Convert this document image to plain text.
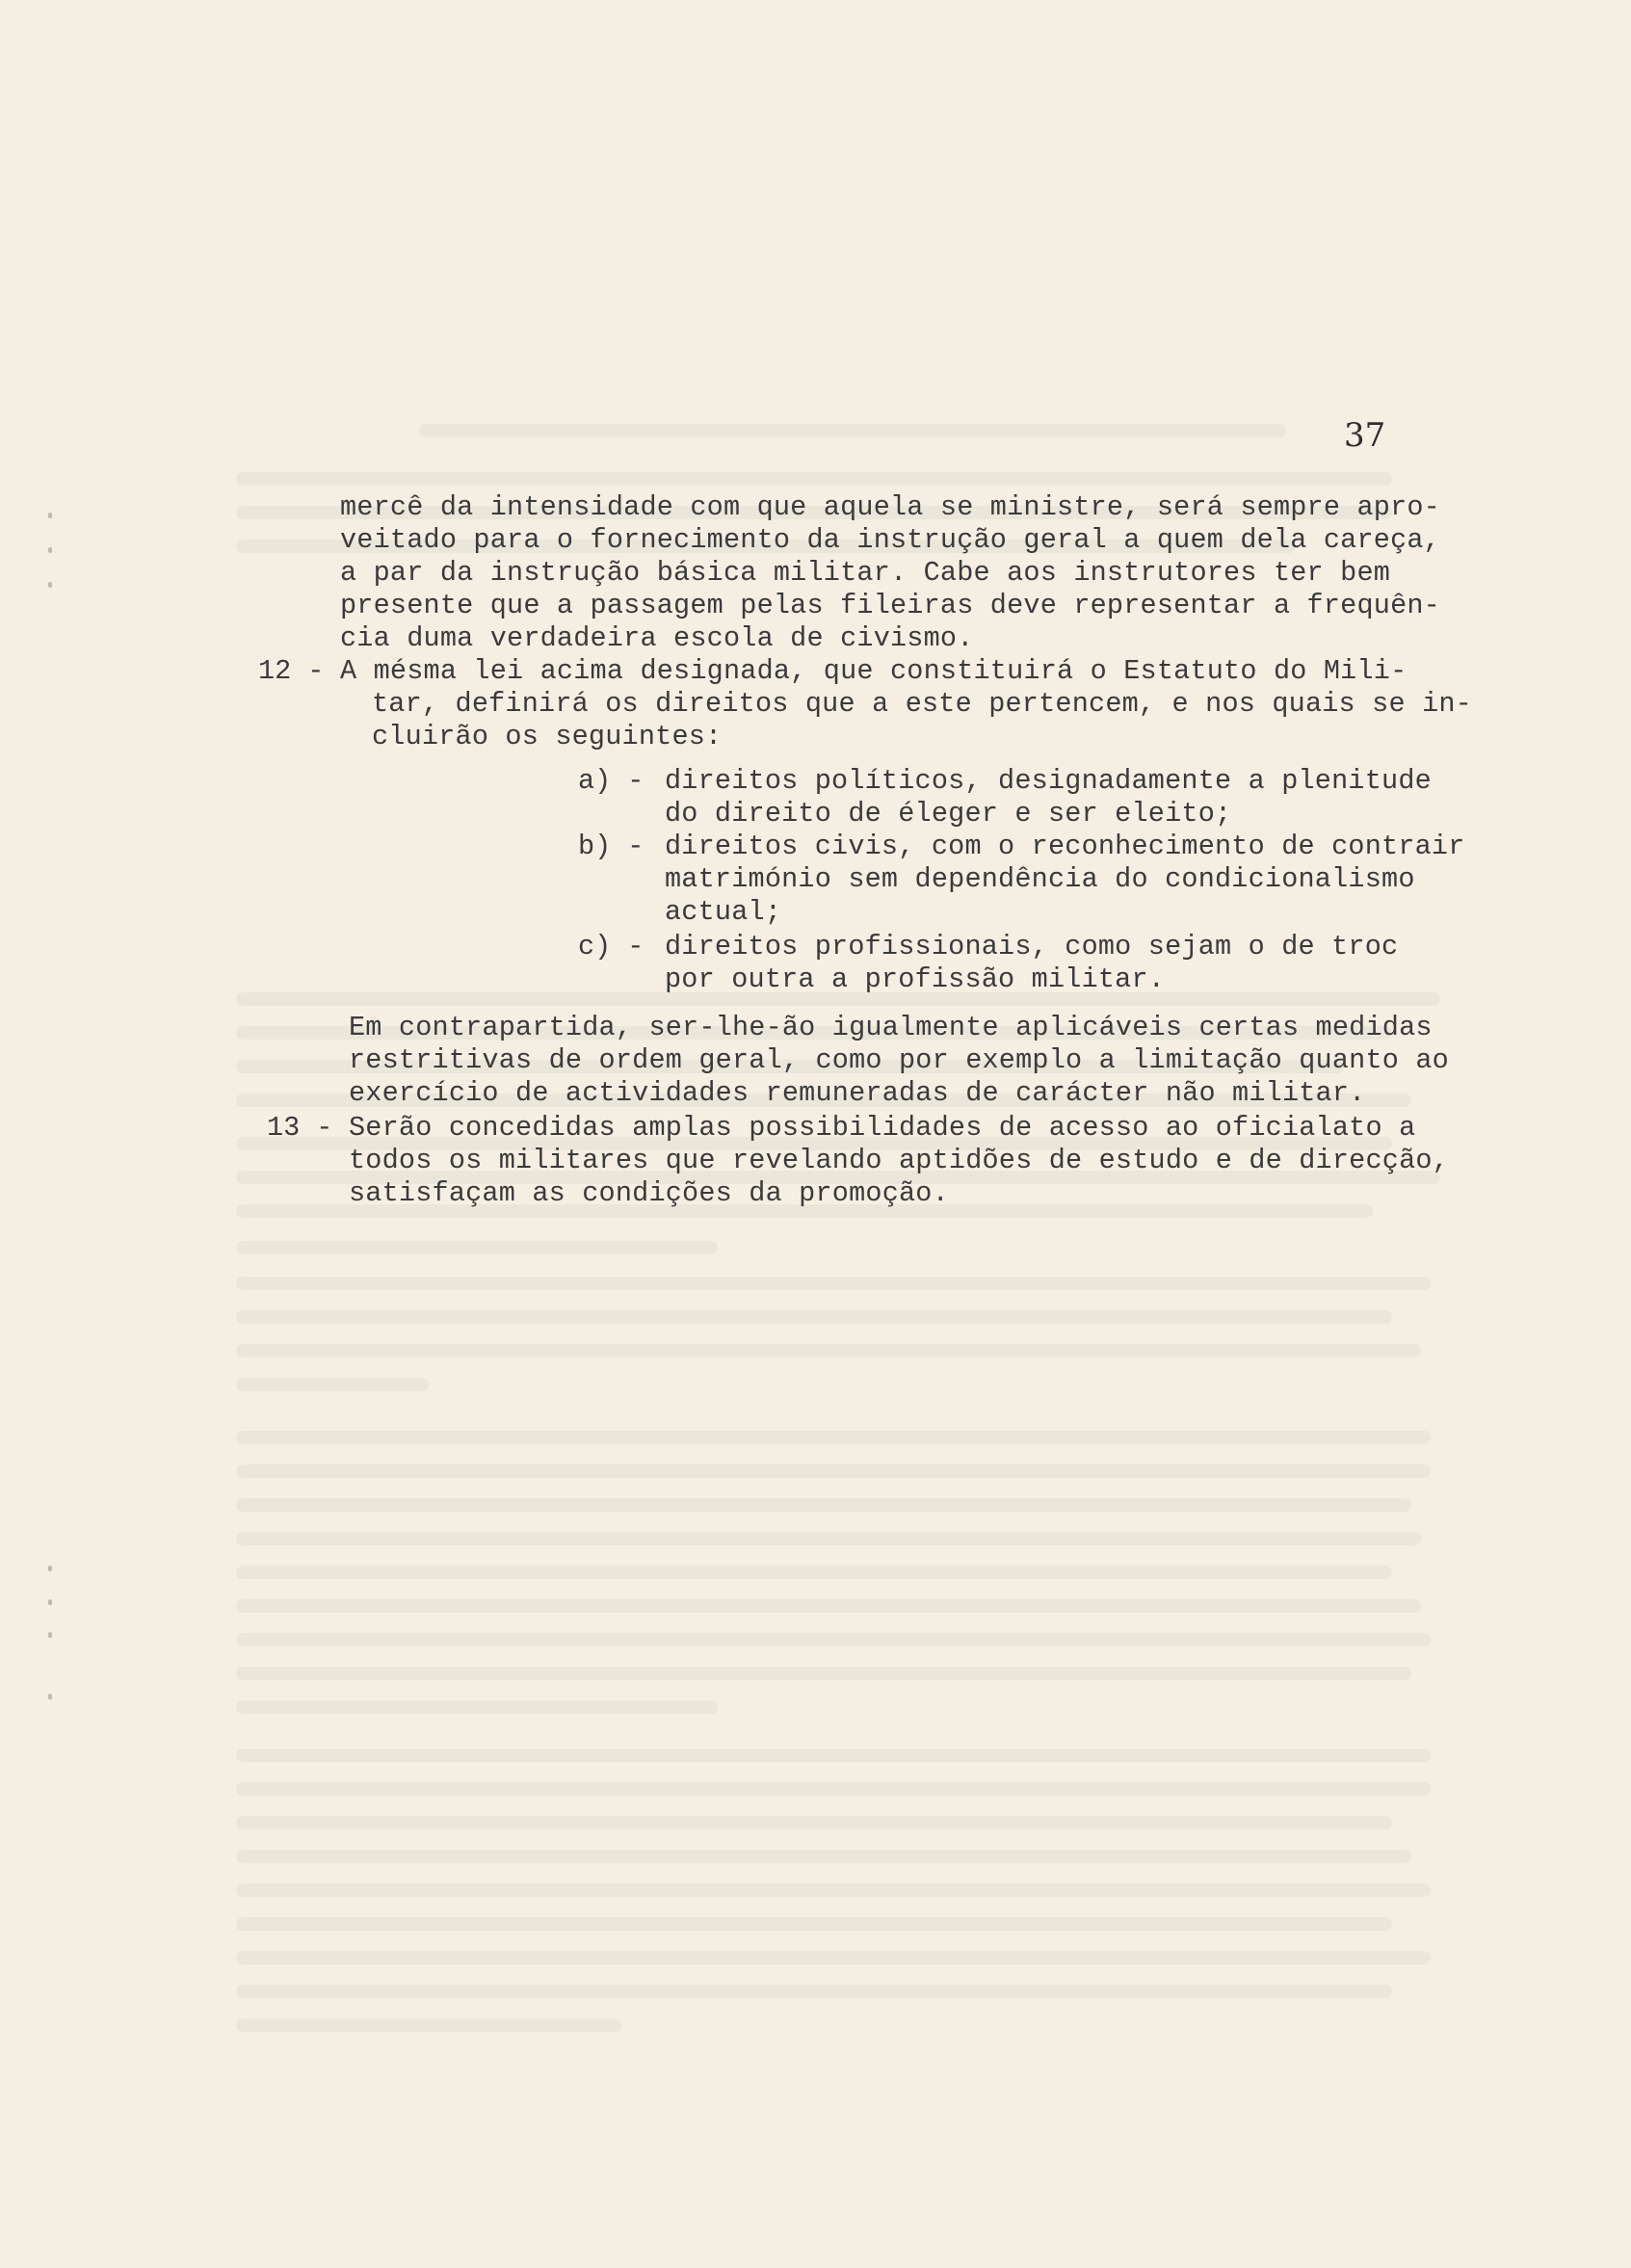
37
mercê da intensidade com que aquela se ministre, será sempre apro-
veitado para o fornecimento da instrução geral a quem dela careça,
a par da instrução básica militar. Cabe aos instrutores ter bem
presente que a passagem pelas fileiras deve representar a frequên-
cia duma verdadeira escola de civismo.
12 - A mésma lei acima designada, que constituirá o Estatuto do Mili-
tar, definirá os direitos que a este pertencem, e nos quais se in-
cluirão os seguintes:
a) - direitos políticos, designadamente a plenitude
do direito de éleger e ser eleito;
b) - direitos civis, com o reconhecimento de contrair
matrimónio sem dependência do condicionalismo
actual;
c) - direitos profissionais, como sejam o de troc
por outra a profissão militar.
Em contrapartida, ser-lhe-ão igualmente aplicáveis certas medidas
restritivas de ordem geral, como por exemplo a limitação quanto ao
exercício de actividades remuneradas de carácter não militar.
13 - Serão concedidas amplas possibilidades de acesso ao oficialato a
todos os militares que revelando aptidões de estudo e de direcção,
satisfaçam as condições da promoção.
